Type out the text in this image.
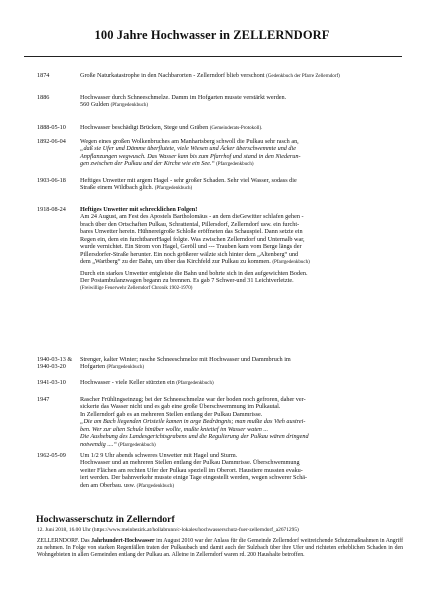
100 Jahre Hochwasser in ZELLERNDORF
1874	Große Naturkatastrophe in den Nachbarorten - Zellerndorf blieb verschont (Gedenkbuch der Pfarre Zellerndorf)

1886	Hochwasser durch Schneeschmelze. Damm im Hofgarten musste verstärkt werden.

560 Gulden (Pfarrgedenkbuch)

1888-05-10	Hochwasser beschädigt Brücken, Stege und Gräben (Gemeinderats-Protokoll).

1892-06-04	Wegen eines großen Wolkenbruches am Manhartsberg schwoll die Pulkau sehr rasch an,

„daß sie Ufer und Dämme überflutete, viele Wiesen und Äcker überschwemmte und die

Anpflanzungen wegwusch. Das Wasser kam bis zum Pfarrhof und stand in den Niederun-

gen zwischen der Pulkau und der Kirche wie ein See.“ (Pfarrgedenkbuch)

1903-06-18	Heftiges Unwetter mit argem Hagel - sehr großer Schaden. Sehr viel Wasser, sodass die

Straße einem Wildbach glich. (Pfarrgedenkbuch)

1918-08-24	Heftiges Unwetter mit schrecklichen Folgen!

Am 24 August, am Fest des Apostels Bartholomäus - an dem dieGewitter schlafen gehen -

brach über den Ortschaften Pulkau, Schrattental, Pillersdorf, Zellerndorf usw. ein furcht-

bares Unwetter herein. Hühnereigroße Schloße eröffneten das Schauspiel. Dann setzte ein

Regen ein, dem ein furchtbarerHagel folgte. Was zwischen Zellerndorf und Unternalb war,

wurde vernichtet. Ein Strom von Hagel, Geröll und --- Trauben kam vom Berge längs der

Pillersdorfer-Straße herunter. Ein noch größerer wälzte sich hinter dem „Altenberg“ und

dem „Wartberg“ zu der Bahn, um über das Kirchfeld zur Pulkau zu kommen. (Pfarrgedenkbuch)

Durch ein starkes Unwetter entgleiste die Bahn und bohrte sich in den aufgewichten Boden.

Der Postambulanzwagen begann zu brennen. Es gab 7 Schwer-und 31 Leichtverletzte.

(Freiwillige Feuerwehr Zellerndorf Chronik 1902-1970)

1940-03-13 &
1940-03-20

Strenger, kalter Winter; rasche Schneeschmelze mit Hochwasser und Dammbruch im

Hofgarten (Pfarrgedenkbuch)

1941-03-10	Hochwasser - viele Keller stürzten ein (Pfarrgedenkbuch)

1947	Rascher Frühlingseinzug; bei der Schneeschmelze war der boden noch gefroren, daher ver-

sickerte das Wasser nicht und es gab eine große Überschwemmung im Pulkautal.

In Zellerndorf gab es an mehreren Stellen entlang der Pulkau Dammrisse.

„Die am Bach liegenden Ortsteile kamen in arge Bedrängnis; man mußte das Vieh austrei-

ben. Wer zur alten Schule hinüber wollte, mußte knietief im Wasser waten ...

Die Aushebung des Landesgerichtsgrabens und die Regulierung der Pulkau wären dringend

notwendig ....“ (Pfarrgedenkbuch)

1962-05-09	Um 1/2 9 Uhr abends schweres Unwetter mit Hagel und Sturm.

Hochwasser und an mehreren Stellen entlang der Pulkau Dammrisse. Überschwemmung

weiter Flächen am rechten Ufer der Pulkau speziell im Oberort. Haustiere mussten evaku-

iert werden. Der bahnverkehr musste einige Tage eingestellt werden, wegen schwerer Schä-

den am Oberbau. usw. (Pfarrgedenkbuch)

Hochwasserschutz in Zellerndorf
12. Juni 2018, 16.00 Uhr (https://www.meinbezirk.at/hollabrunn/c-lokales/hochwasserschutz-fuer-zellerndorf_a2671295)
ZELLERNDORF. Das Jahrhundert-Hochwasser im August 2010 war der Anlass für die Gemeinde Zellerndorf weitreichende Schutzmaßnahmen in Angriff zu nehmen. In Folge von starken Regenfällen traten der Pulkaubach und damit auch der Sulzbach über ihre Ufer und richteten erheblichen Schaden in den Wohngebieten in allen Gemeinden entlang der Pulkau an. Alleine in Zellerndorf waren rd. 200 Haushalte betroffen.
